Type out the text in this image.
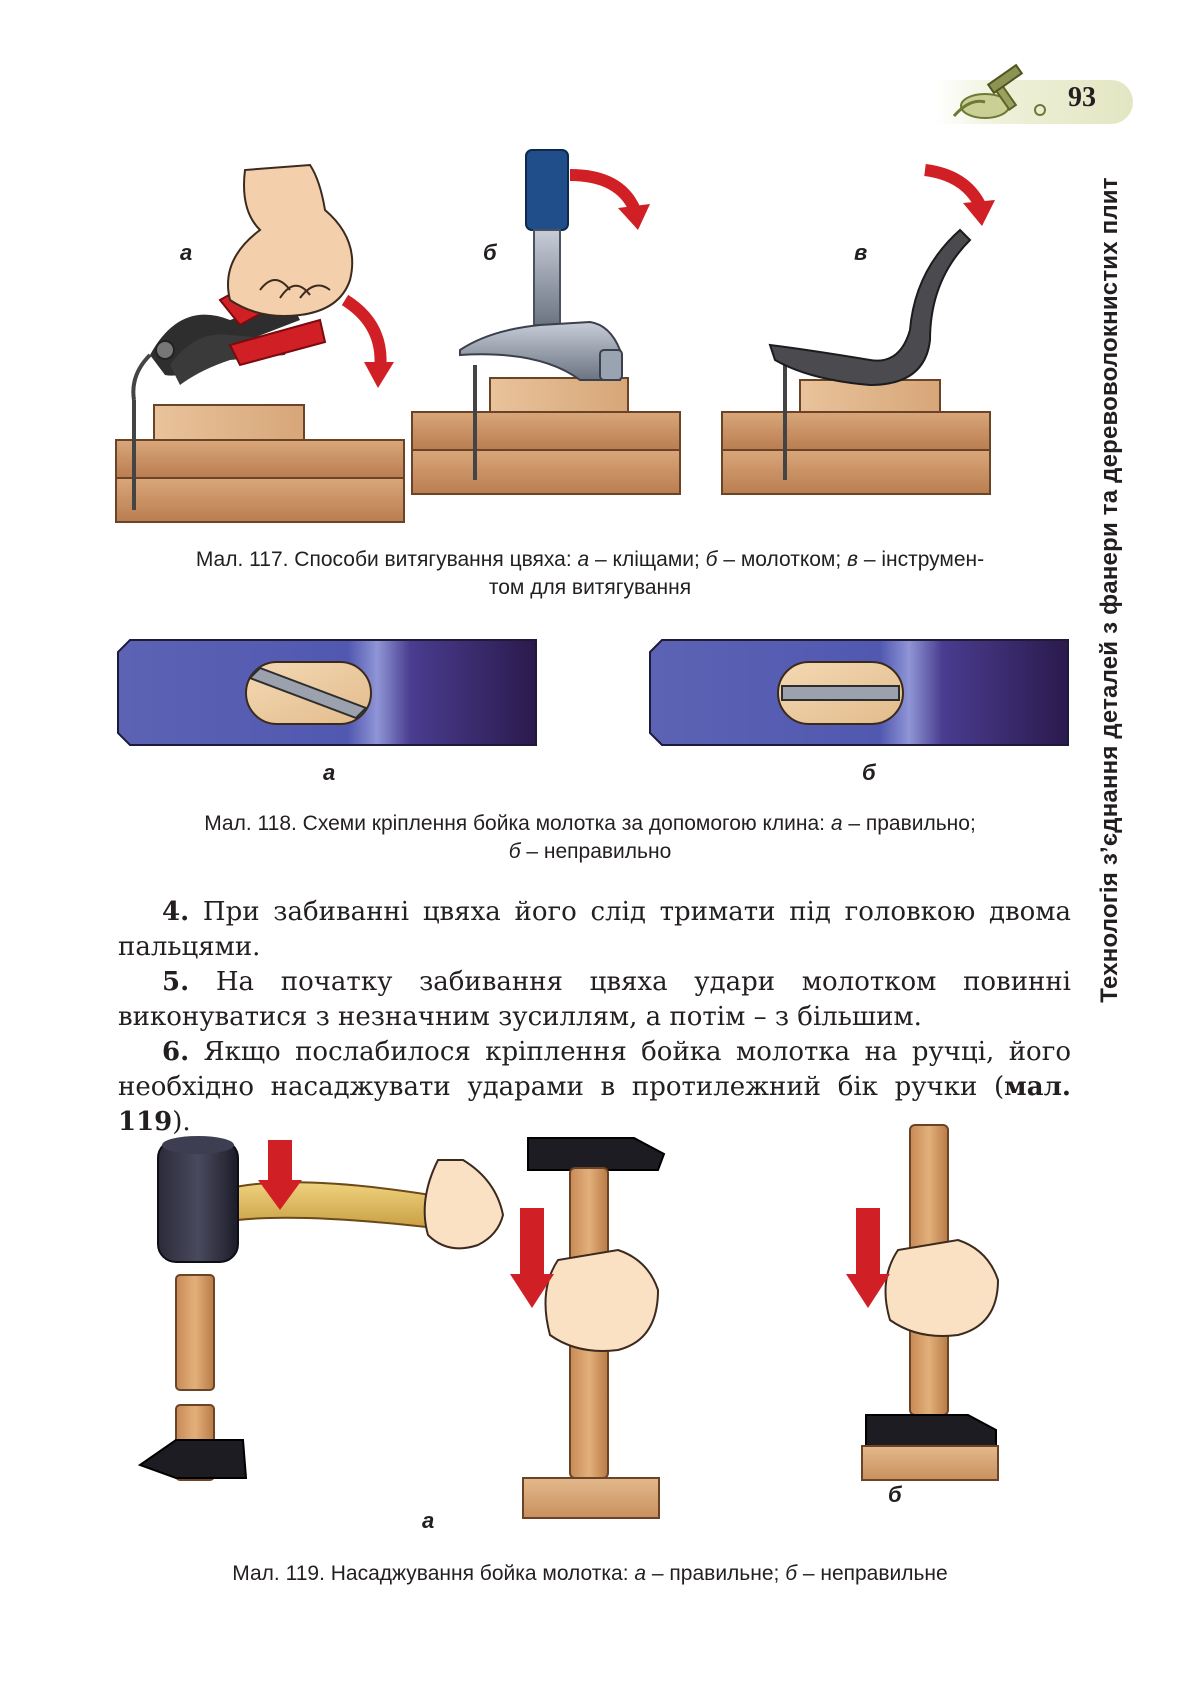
93
Технологія з’єднання деталей з фанери та деревоволокнистих плит
а	б	в
Мал. 117. Способи витягування цвяха: а – кліщами; б – молотком; в – інструмен-
том для витягування
а	б
Мал. 118. Схеми кріплення бойка молотка за допомогою клина: а – правильно;
б – неправильно

4. При забиванні цвяха його слід тримати під головкою двома пальцями.

5. На початку забивання цвяха удари молотком повинні виконуватися з незначним зусиллям, а потім – з більшим.

6. Якщо послабилося кріплення бойка молотка на ручці, його необхідно насаджувати ударами в протилежний бік ручки (мал. 119).

а
б
Мал. 119. Насаджування бойка молотка: а – правильне; б – неправильне
